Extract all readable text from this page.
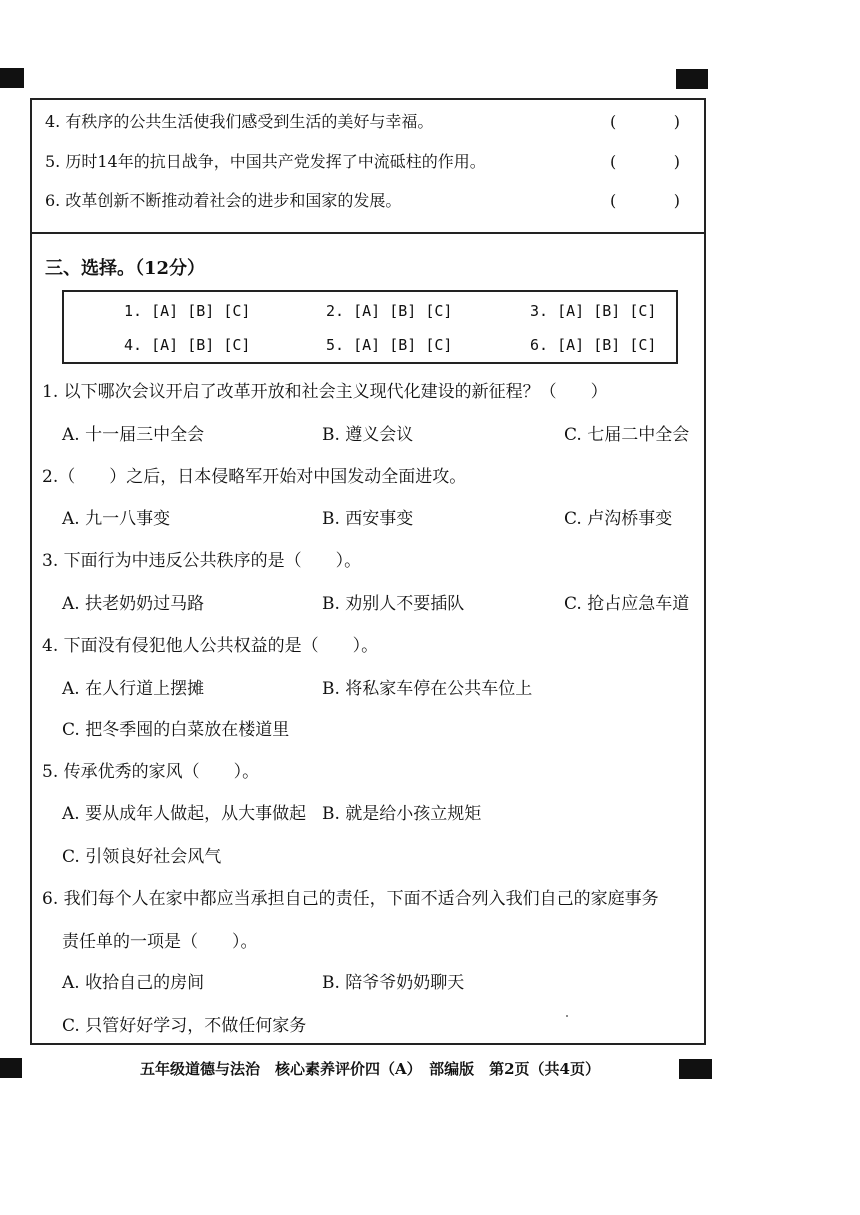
4. 有秩序的公共生活使我们感受到生活的美好与幸福。	(	)
5. 历时14年的抗日战争，中国共产党发挥了中流砥柱的作用。	(	)
6. 改革创新不断推动着社会的进步和国家的发展。	(	)
三、选择。（12分）
1. [A] [B] [C]	2. [A] [B] [C]	3. [A] [B] [C]
4. [A] [B] [C]	5. [A] [B] [C]	6. [A] [B] [C]
1. 以下哪次会议开启了改革开放和社会主义现代化建设的新征程？（　　）
A. 十一届三中全会	B. 遵义会议	C. 七届二中全会
2.（　　）之后，日本侵略军开始对中国发动全面进攻。
A. 九一八事变	B. 西安事变	C. 卢沟桥事变
3. 下面行为中违反公共秩序的是（　　）。
A. 扶老奶奶过马路	B. 劝别人不要插队	C. 抢占应急车道
4. 下面没有侵犯他人公共权益的是（　　）。
A. 在人行道上摆摊	B. 将私家车停在公共车位上
C. 把冬季囤的白菜放在楼道里
5. 传承优秀的家风（　　）。
A. 要从成年人做起，从大事做起 B. 就是给小孩立规矩
C. 引领良好社会风气
6. 我们每个人在家中都应当承担自己的责任，下面不适合列入我们自己的家庭事务
责任单的一项是（　　）。
A. 收拾自己的房间	B. 陪爷爷奶奶聊天
C. 只管好好学习，不做任何家务
五年级道德与法治　核心素养评价四（A）　部编版　第2页（共4页）
